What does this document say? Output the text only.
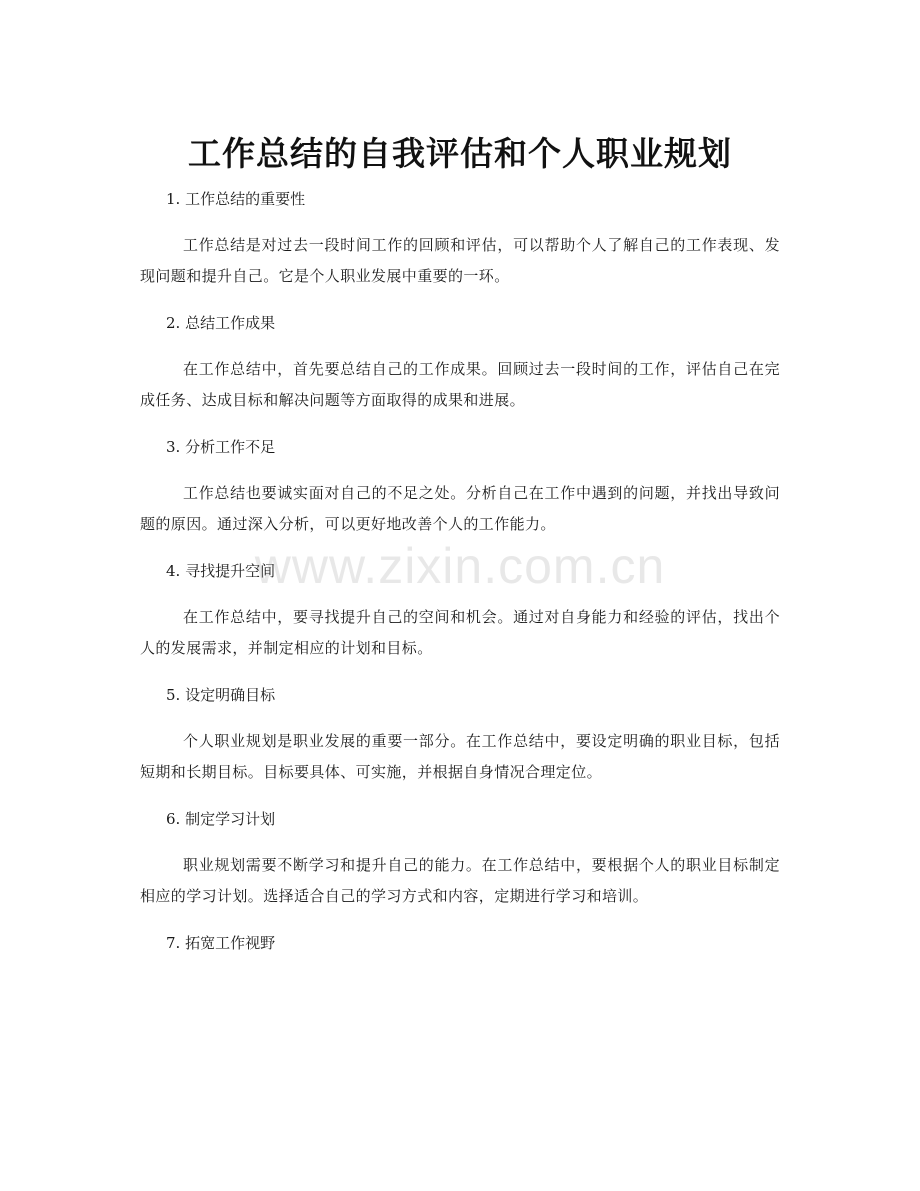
工作总结的自我评估和个人职业规划

1. 工作总结的重要性

工作总结是对过去一段时间工作的回顾和评估，可以帮助个人了解自己的工作表现、发现问题和提升自己。它是个人职业发展中重要的一环。

2. 总结工作成果

在工作总结中，首先要总结自己的工作成果。回顾过去一段时间的工作，评估自己在完成任务、达成目标和解决问题等方面取得的成果和进展。

3. 分析工作不足

工作总结也要诚实面对自己的不足之处。分析自己在工作中遇到的问题，并找出导致问题的原因。通过深入分析，可以更好地改善个人的工作能力。

4. 寻找提升空间

在工作总结中，要寻找提升自己的空间和机会。通过对自身能力和经验的评估，找出个人的发展需求，并制定相应的计划和目标。

5. 设定明确目标

个人职业规划是职业发展的重要一部分。在工作总结中，要设定明确的职业目标，包括短期和长期目标。目标要具体、可实施，并根据自身情况合理定位。

6. 制定学习计划

职业规划需要不断学习和提升自己的能力。在工作总结中，要根据个人的职业目标制定相应的学习计划。选择适合自己的学习方式和内容，定期进行学习和培训。

7. 拓宽工作视野

www.zixin.com.cn
